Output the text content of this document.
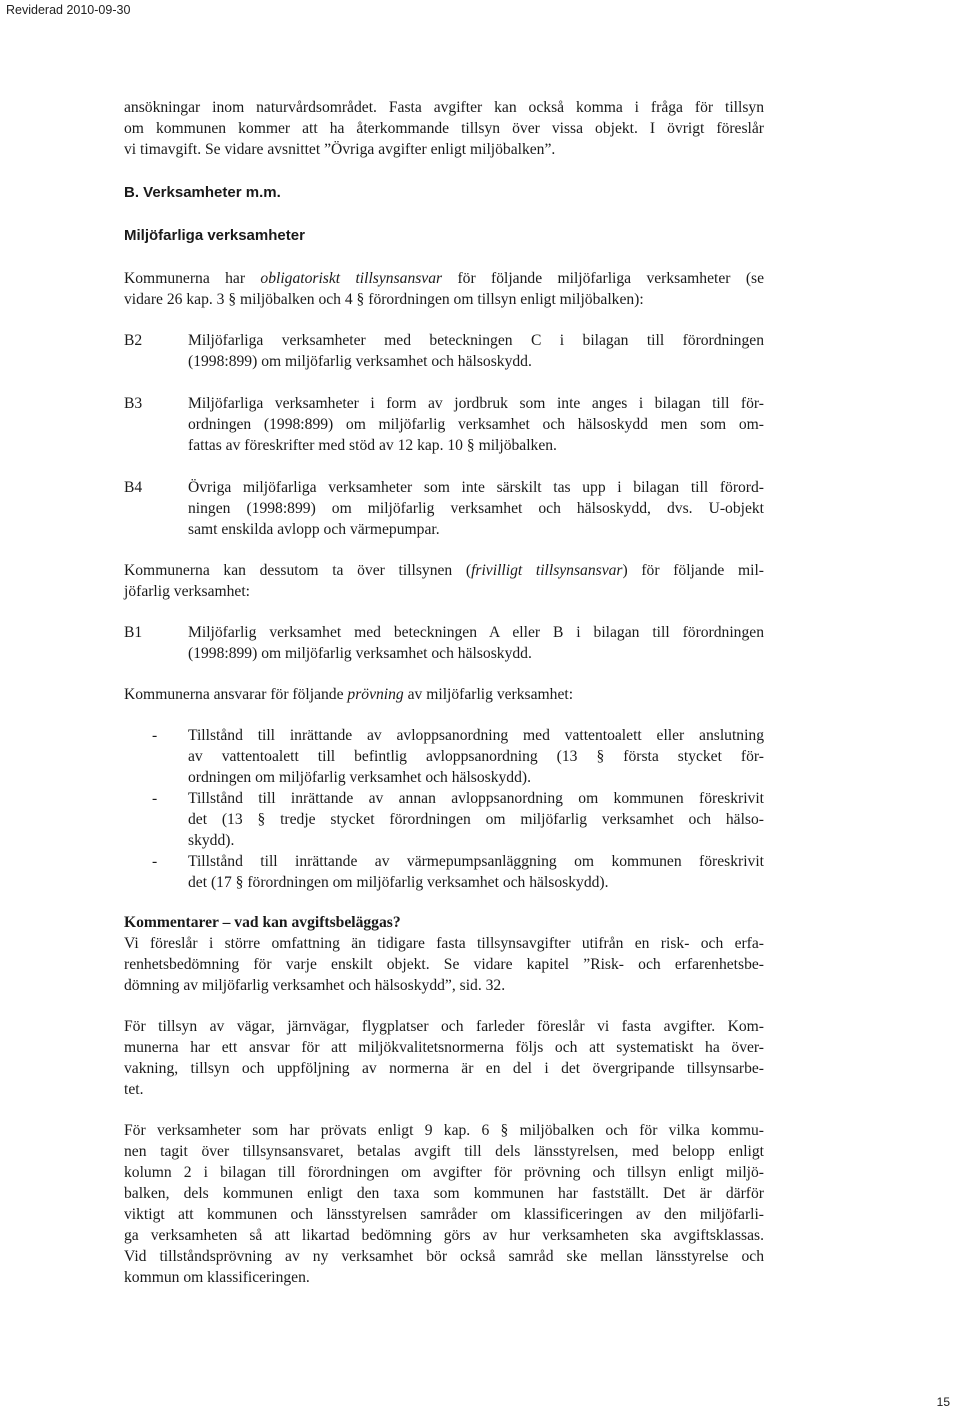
Reviderad 2010-09-30

ansökningar inom naturvårdsområdet. Fasta avgifter kan också komma i fråga för tillsyn
om kommunen kommer att ha återkommande tillsyn över vissa objekt. I övrigt föreslår
vi timavgift. Se vidare avsnittet ”Övriga avgifter enligt miljöbalken”.

B. Verksamheter m.m.

Miljöfarliga verksamheter

Kommunerna har obligatoriskt tillsynsansvar för följande miljöfarliga verksamheter (se
vidare 26 kap. 3 § miljöbalken och 4 § förordningen om tillsyn enligt miljöbalken):

B2	Miljöfarliga verksamheter med beteckningen C i bilagan till förordningen
(1998:899) om miljöfarlig verksamhet och hälsoskydd.
B3	Miljöfarliga verksamheter i form av jordbruk som inte anges i bilagan till för-
ordningen (1998:899) om miljöfarlig verksamhet och hälsoskydd men som om-
fattas av föreskrifter med stöd av 12 kap. 10 § miljöbalken.
B4	Övriga miljöfarliga verksamheter som inte särskilt tas upp i bilagan till förord-
ningen (1998:899) om miljöfarlig verksamhet och hälsoskydd, dvs. U-objekt
samt enskilda avlopp och värmepumpar.

Kommunerna kan dessutom ta över tillsynen (frivilligt tillsynsansvar) för följande mil-
jöfarlig verksamhet:

B1	Miljöfarlig verksamhet med beteckningen A eller B i bilagan till förordningen
(1998:899) om miljöfarlig verksamhet och hälsoskydd.

Kommunerna ansvarar för följande prövning av miljöfarlig verksamhet:

-	Tillstånd till inrättande av avloppsanordning med vattentoalett eller anslutning
av vattentoalett till befintlig avloppsanordning (13 § första stycket för-
ordningen om miljöfarlig verksamhet och hälsoskydd).
-	Tillstånd till inrättande av annan avloppsanordning om kommunen föreskrivit
det (13 § tredje stycket förordningen om miljöfarlig verksamhet och hälso-
skydd).
-	Tillstånd till inrättande av värmepumpsanläggning om kommunen föreskrivit
det (17 § förordningen om miljöfarlig verksamhet och hälsoskydd).

Kommentarer – vad kan avgiftsbeläggas?
Vi föreslår i större omfattning än tidigare fasta tillsynsavgifter utifrån en risk- och erfa-
renhetsbedömning för varje enskilt objekt. Se vidare kapitel ”Risk- och erfarenhetsbe-
dömning av miljöfarlig verksamhet och hälsoskydd”, sid. 32.

För tillsyn av vägar, järnvägar, flygplatser och farleder föreslår vi fasta avgifter. Kom-
munerna har ett ansvar för att miljökvalitetsnormerna följs och att systematiskt ha över-
vakning, tillsyn och uppföljning av normerna är en del i det övergripande tillsynsarbe-
tet.

För verksamheter som har prövats enligt 9 kap. 6 § miljöbalken och för vilka kommu-
nen tagit över tillsynsansvaret, betalas avgift till dels länsstyrelsen, med belopp enligt
kolumn 2 i bilagan till förordningen om avgifter för prövning och tillsyn enligt miljö-
balken, dels kommunen enligt den taxa som kommunen har fastställt. Det är därför
viktigt att kommunen och länsstyrelsen samråder om klassificeringen av den miljöfarli-
ga verksamheten så att likartad bedömning görs av hur verksamheten ska avgiftsklassas.
Vid tillståndsprövning av ny verksamhet bör också samråd ske mellan länsstyrelse och
kommun om klassificeringen.

15
